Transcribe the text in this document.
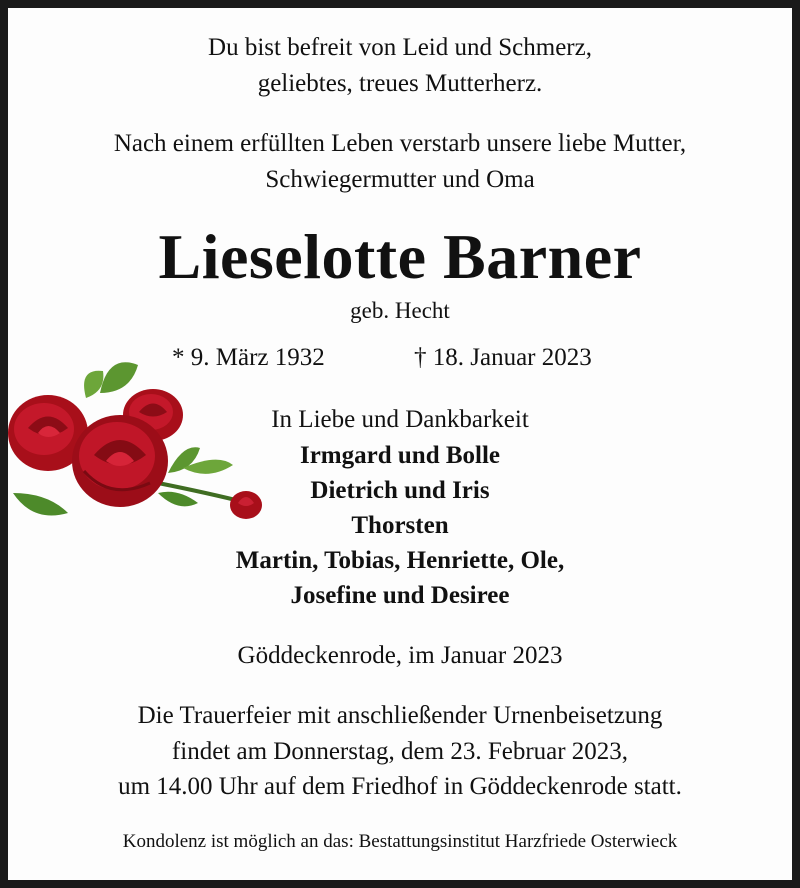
Du bist befreit von Leid und Schmerz,

geliebtes, treues Mutterherz.

Nach einem erfüllten Leben verstarb unsere liebe Mutter,

Schwiegermutter und Oma

Lieselotte Barner

geb. Hecht

* 9. März 1932	† 18. Januar 2023

In Liebe und Dankbarkeit

Irmgard und Bolle

Dietrich und Iris

Thorsten

Martin, Tobias, Henriette, Ole,

Josefine und Desiree

Göddeckenrode, im Januar 2023

Die Trauerfeier mit anschließender Urnenbeisetzung

findet am Donnerstag, dem 23. Februar 2023,

um 14.00 Uhr auf dem Friedhof in Göddeckenrode statt.

Kondolenz ist möglich an das: Bestattungsinstitut Harzfriede Osterwieck
